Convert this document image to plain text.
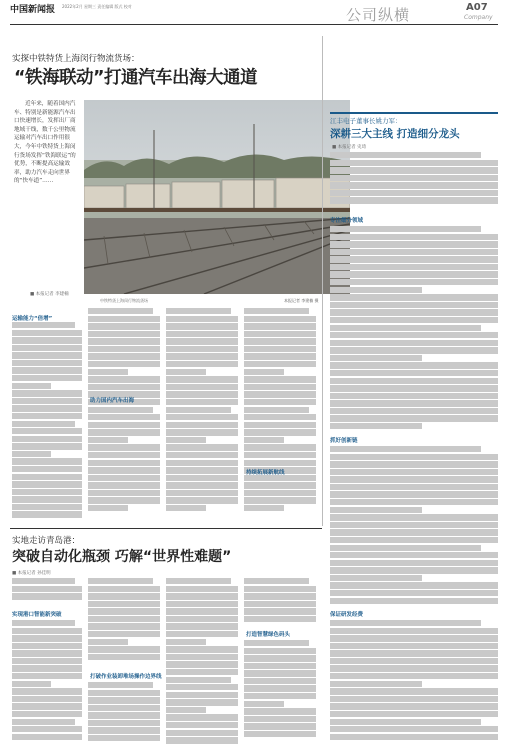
中国新闻报 2022年2月 星期三 责任编辑 版式 校对	公司纵横	A07
Company
实探中铁特货上海闵行物流货场：
“铁海联动”打通汽车出海大通道
近年来，随着国内汽车、特别是新能源汽车出口快速增长，发挥出厂商地域干线，数千公里物流运输对汽车出口作用很大，今年中铁特货上海闵行货场发挥“铁海联运”的优势，不断提高运输效率，助力汽车走向世界的“快车道”……
■ 本报记者 李建楠
中铁特货上海闵行物流货场	本报记者 李建楠 摄
运输能力“倍增”
助力国内汽车出海
持续拓展新航线
江丰电子董事长姚力军：
深耕三大主线 打造细分龙头
■ 本报记者 史琦
专注细分领域
抓好创新链
保证研发经费
实地走访青岛港：
突破自动化瓶颈 巧解“世界性难题”
■ 本报记者 孙佳明
实现港口智能新突破
打破作业装卸堆场操作边界线
打造智慧绿色码头
